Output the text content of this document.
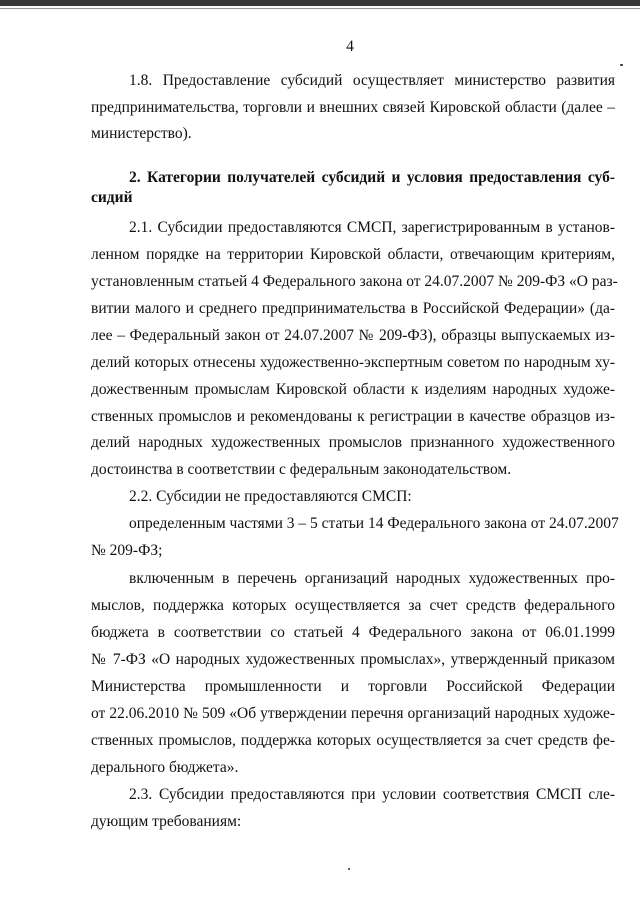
4
1.8. Предоставление субсидий осуществляет министерство развития
предпринимательства, торговли и внешних связей Кировской области (далее –
министерство).
2. Категории получателей субсидий и условия предоставления суб-
сидий
2.1. Субсидии предоставляются СМСП, зарегистрированным в установ-
ленном порядке на территории Кировской области, отвечающим критериям,
установленным статьей 4 Федерального закона от 24.07.2007 № 209-ФЗ «О раз-
витии малого и среднего предпринимательства в Российской Федерации» (да-
лее – Федеральный закон от 24.07.2007 № 209-ФЗ), образцы выпускаемых из-
делий которых отнесены художественно-экспертным советом по народным ху-
дожественным промыслам Кировской области к изделиям народных художе-
ственных промыслов и рекомендованы к регистрации в качестве образцов из-
делий народных художественных промыслов признанного художественного
достоинства в соответствии с федеральным законодательством.
2.2. Субсидии не предоставляются СМСП:
определенным частями 3 – 5 статьи 14 Федерального закона от 24.07.2007
№ 209-ФЗ;
включенным в перечень организаций народных художественных про-
мыслов, поддержка которых осуществляется за счет средств федерального
бюджета в соответствии со статьей 4 Федерального закона от 06.01.1999
№ 7-ФЗ «О народных художественных промыслах», утвержденный приказом
Министерства промышленности и торговли Российской Федерации
от 22.06.2010 № 509 «Об утверждении перечня организаций народных художе-
ственных промыслов, поддержка которых осуществляется за счет средств фе-
дерального бюджета».
2.3. Субсидии предоставляются при условии соответствия СМСП сле-
дующим требованиям:
